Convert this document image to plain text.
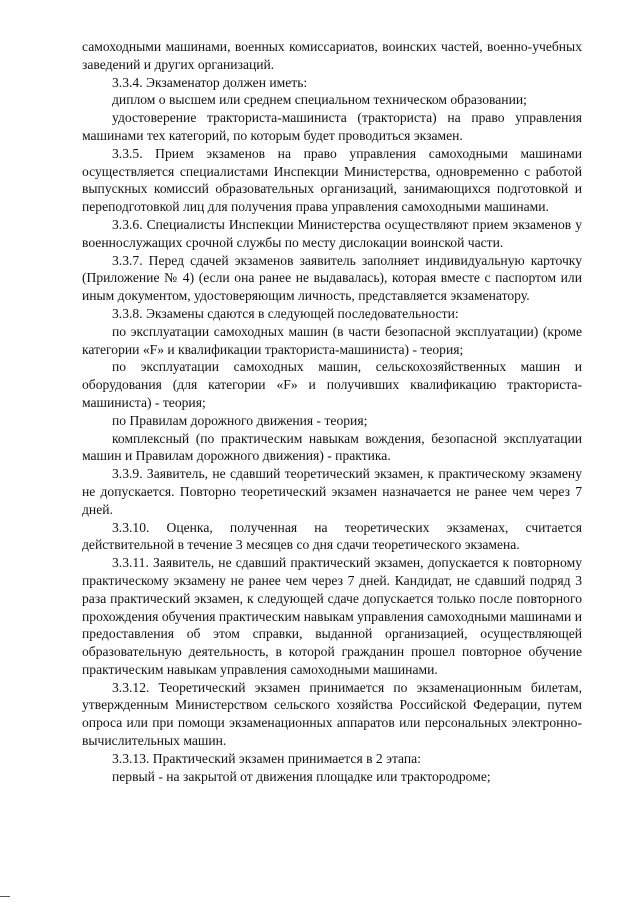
самоходными машинами, военных комиссариатов, воинских частей, военно-учебных заведений и других организаций.

3.3.4. Экзаменатор должен иметь:

диплом о высшем или среднем специальном техническом образовании;

удостоверение тракториста-машиниста (тракториста) на право управления машинами тех категорий, по которым будет проводиться экзамен.

3.3.5. Прием экзаменов на право управления самоходными машинами осуществляется специалистами Инспекции Министерства, одновременно с работой выпускных комиссий образовательных организаций, занимающихся подготовкой и переподготовкой лиц для получения права управления самоходными машинами.

3.3.6. Специалисты Инспекции Министерства осуществляют прием экзаменов у военнослужащих срочной службы по месту дислокации воинской части.

3.3.7. Перед сдачей экзаменов заявитель заполняет индивидуальную карточку (Приложение № 4) (если она ранее не выдавалась), которая вместе с паспортом или иным документом, удостоверяющим личность, представляется экзаменатору.

3.3.8. Экзамены сдаются в следующей последовательности:

по эксплуатации самоходных машин (в части безопасной эксплуатации) (кроме категории «F» и квалификации тракториста-машиниста) - теория;

по эксплуатации самоходных машин, сельскохозяйственных машин и оборудования (для категории «F» и получивших квалификацию тракториста-машиниста) - теория;

по Правилам дорожного движения - теория;

комплексный (по практическим навыкам вождения, безопасной эксплуатации машин и Правилам дорожного движения) - практика.

3.3.9. Заявитель, не сдавший теоретический экзамен, к практическому экзамену не допускается. Повторно теоретический экзамен назначается не ранее чем через 7 дней.

3.3.10. Оценка, полученная на теоретических экзаменах, считается действительной в течение 3 месяцев со дня сдачи теоретического экзамена.

3.3.11. Заявитель, не сдавший практический экзамен, допускается к повторному практическому экзамену не ранее чем через 7 дней. Кандидат, не сдавший подряд 3 раза практический экзамен, к следующей сдаче допускается только после повторного прохождения обучения практическим навыкам управления самоходными машинами и предоставления об этом справки, выданной организацией, осуществляющей образовательную деятельность, в которой гражданин прошел повторное обучение практическим навыкам управления самоходными машинами.

3.3.12. Теоретический экзамен принимается по экзаменационным билетам, утвержденным Министерством сельского хозяйства Российской Федерации, путем опроса или при помощи экзаменационных аппаратов или персональных электронно-вычислительных машин.

3.3.13. Практический экзамен принимается в 2 этапа:

первый - на закрытой от движения площадке или трактородроме;
